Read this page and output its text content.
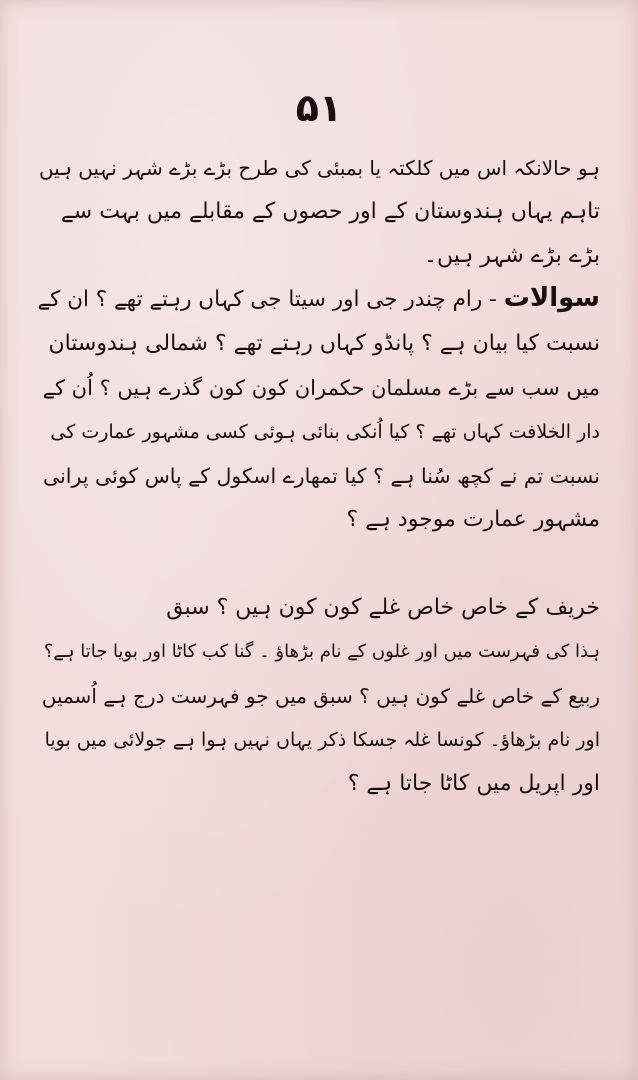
۵۱
ہو حالانکہ اس میں کلکتہ یا بمبئی کی طرح بڑے بڑے شہر نہیں ہیں
تاہم یہاں ہندوستان کے اور حصوں کے مقابلے میں بہت سے
بڑے بڑے شہر ہیں۔
سوالات - رام چندر جی اور سیتا جی کہاں رہتے تھے ؟ ان کے
نسبت کیا بیان ہے ؟ پانڈو کہاں رہتے تھے ؟ شمالی ہندوستان
میں سب سے بڑے مسلمان حکمران کون کون گذرے ہیں ؟ اُن کے
دار الخلافت کہاں تھے ؟ کیا اُنکی بنائی ہوئی کسی مشہور عمارت کی
نسبت تم نے کچھ سُنا ہے ؟ کیا تمھارے اسکول کے پاس کوئی پرانی
مشہور عمارت موجود ہے ؟
خریف کے خاص خاص غلے کون کون ہیں ؟ سبق
ہذا کی فہرست میں اور غلوں کے نام بڑھاؤ ۔ گنا کب کاٹا اور بویا جاتا ہے؟
ربیع کے خاص غلے کون ہیں ؟ سبق میں جو فہرست درج ہے اُسمیں
اور نام بڑھاؤ۔ کونسا غلہ جسکا ذکر یہاں نہیں ہوا ہے جولائی میں بویا
اور اپریل میں کاٹا جاتا ہے ؟
